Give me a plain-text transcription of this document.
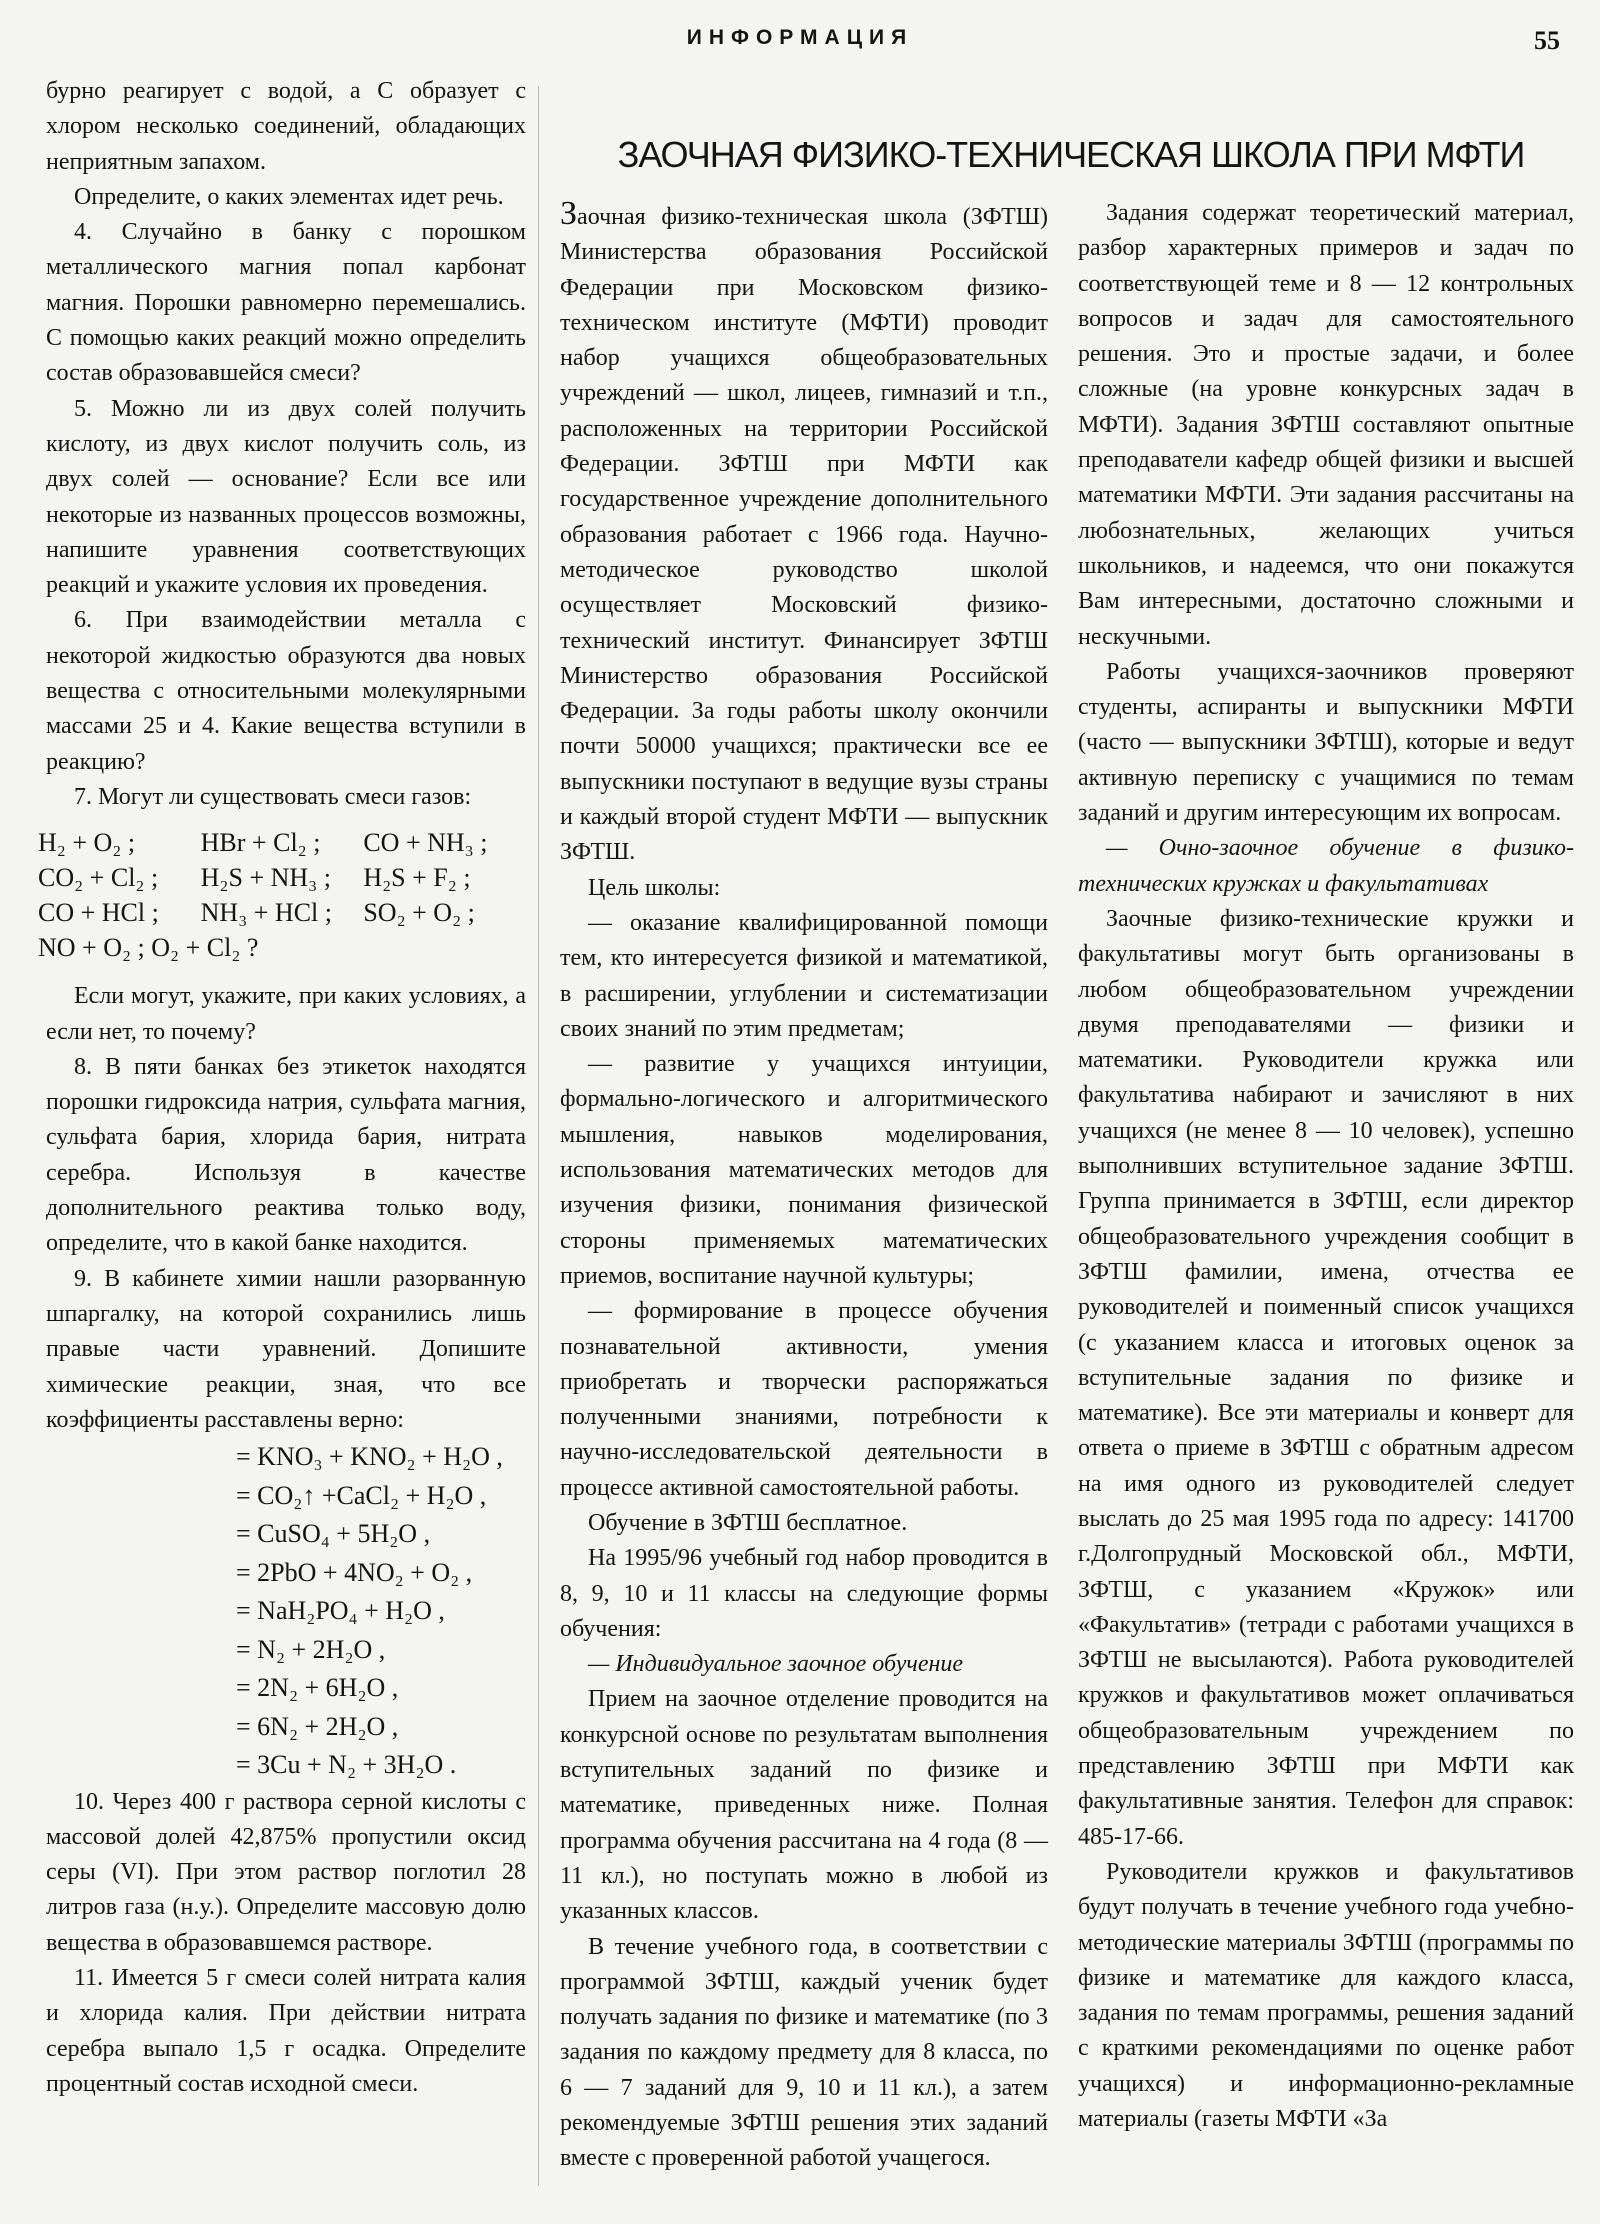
ИНФОРМАЦИЯ	55

бурно реагирует с водой, а C образует с хлором несколько соединений, обладающих неприятным запахом.

Определите, о каких элементах идет речь.

4. Случайно в банку с порошком металлического магния попал карбонат магния. Порошки равномерно перемешались. С помощью каких реакций можно определить состав образовавшейся смеси?

5. Можно ли из двух солей получить кислоту, из двух кислот получить соль, из двух солей — основание? Если все или некоторые из названных процессов возможны, напишите уравнения соответствующих реакций и укажите условия их проведения.

6. При взаимодействии металла с некоторой жидкостью образуются два новых вещества с относительными молекулярными массами 25 и 4. Какие вещества вступили в реакцию?

7. Могут ли существовать смеси газов:

H₂ + O₂ ;	HBr + Cl₂ ;	CO + NH₃ ;
CO₂ + Cl₂ ;	H₂S + NH₃ ;	H₂S + F₂ ;
CO + HCl ;	NH₃ + HCl ;	SO₂ + O₂ ;
NO + O₂ ; O₂ + Cl₂ ?

Если могут, укажите, при каких условиях, а если нет, то почему?

8. В пяти банках без этикеток находятся порошки гидроксида натрия, сульфата магния, сульфата бария, хлорида бария, нитрата серебра. Используя в качестве дополнительного реактива только воду, определите, что в какой банке находится.

9. В кабинете химии нашли разорванную шпаргалку, на которой сохранились лишь правые части уравнений. Допишите химические реакции, зная, что все коэффициенты расставлены верно:

= KNO₃ + KNO₂ + H₂O ,
= CO₂↑ +CaCl₂ + H₂O ,
= CuSO₄ + 5H₂O ,
= 2PbO + 4NO₂ + O₂ ,
= NaH₂PO₄ + H₂O ,
= N₂ + 2H₂O ,
= 2N₂ + 6H₂O ,
= 6N₂ + 2H₂O ,
= 3Cu + N₂ + 3H₂O .

10. Через 400 г раствора серной кислоты с массовой долей 42,875% пропустили оксид серы (VI). При этом раствор поглотил 28 литров газа (н.у.). Определите массовую долю вещества в образовавшемся растворе.

11. Имеется 5 г смеси солей нитрата калия и хлорида калия. При действии нитрата серебра выпало 1,5 г осадка. Определите процентный состав исходной смеси.

ЗАОЧНАЯ ФИЗИКО-ТЕХНИЧЕСКАЯ ШКОЛА ПРИ МФТИ

Заочная физико-техническая школа (ЗФТШ) Министерства образования Российской Федерации при Московском физико-техническом институте (МФТИ) проводит набор учащихся общеобразовательных учреждений — школ, лицеев, гимназий и т.п., расположенных на территории Российской Федерации. ЗФТШ при МФТИ как государственное учреждение дополнительного образования работает с 1966 года. Научно-методическое руководство школой осуществляет Московский физико-технический институт. Финансирует ЗФТШ Министерство образования Российской Федерации. За годы работы школу окончили почти 50000 учащихся; практически все ее выпускники поступают в ведущие вузы страны и каждый второй студент МФТИ — выпускник ЗФТШ.

Цель школы:

— оказание квалифицированной помощи тем, кто интересуется физикой и математикой, в расширении, углублении и систематизации своих знаний по этим предметам;

— развитие у учащихся интуиции, формально-логического и алгоритмического мышления, навыков моделирования, использования математических методов для изучения физики, понимания физической стороны применяемых математических приемов, воспитание научной культуры;

— формирование в процессе обучения познавательной активности, умения приобретать и творчески распоряжаться полученными знаниями, потребности к научно-исследовательской деятельности в процессе активной самостоятельной работы.

Обучение в ЗФТШ бесплатное.

На 1995/96 учебный год набор проводится в 8, 9, 10 и 11 классы на следующие формы обучения:

— Индивидуальное заочное обучение

Прием на заочное отделение проводится на конкурсной основе по результатам выполнения вступительных заданий по физике и математике, приведенных ниже. Полная программа обучения рассчитана на 4 года (8 — 11 кл.), но поступать можно в любой из указанных классов.

В течение учебного года, в соответствии с программой ЗФТШ, каждый ученик будет получать задания по физике и математике (по 3 задания по каждому предмету для 8 класса, по 6 — 7 заданий для 9, 10 и 11 кл.), а затем рекомендуемые ЗФТШ решения этих заданий вместе с проверенной работой учащегося.

Задания содержат теоретический материал, разбор характерных примеров и задач по соответствующей теме и 8 — 12 контрольных вопросов и задач для самостоятельного решения. Это и простые задачи, и более сложные (на уровне конкурсных задач в МФТИ). Задания ЗФТШ составляют опытные преподаватели кафедр общей физики и высшей математики МФТИ. Эти задания рассчитаны на любознательных, желающих учиться школьников, и надеемся, что они покажутся Вам интересными, достаточно сложными и нескучными.

Работы учащихся-заочников проверяют студенты, аспиранты и выпускники МФТИ (часто — выпускники ЗФТШ), которые и ведут активную переписку с учащимися по темам заданий и другим интересующим их вопросам.

— Очно-заочное обучение в физико-технических кружках и факультативах

Заочные физико-технические кружки и факультативы могут быть организованы в любом общеобразовательном учреждении двумя преподавателями — физики и математики. Руководители кружка или факультатива набирают и зачисляют в них учащихся (не менее 8 — 10 человек), успешно выполнивших вступительное задание ЗФТШ. Группа принимается в ЗФТШ, если директор общеобразовательного учреждения сообщит в ЗФТШ фамилии, имена, отчества ее руководителей и поименный список учащихся (с указанием класса и итоговых оценок за вступительные задания по физике и математике). Все эти материалы и конверт для ответа о приеме в ЗФТШ с обратным адресом на имя одного из руководителей следует выслать до 25 мая 1995 года по адресу: 141700 г.Долгопрудный Московской обл., МФТИ, ЗФТШ, с указанием «Кружок» или «Факультатив» (тетради с работами учащихся в ЗФТШ не высылаются). Работа руководителей кружков и факультативов может оплачиваться общеобразовательным учреждением по представлению ЗФТШ при МФТИ как факультативные занятия. Телефон для справок: 485-17-66.

Руководители кружков и факультативов будут получать в течение учебного года учебно-методические материалы ЗФТШ (программы по физике и математике для каждого класса, задания по темам программы, решения заданий с краткими рекомендациями по оценке работ учащихся) и информационно-рекламные материалы (газеты МФТИ «За
